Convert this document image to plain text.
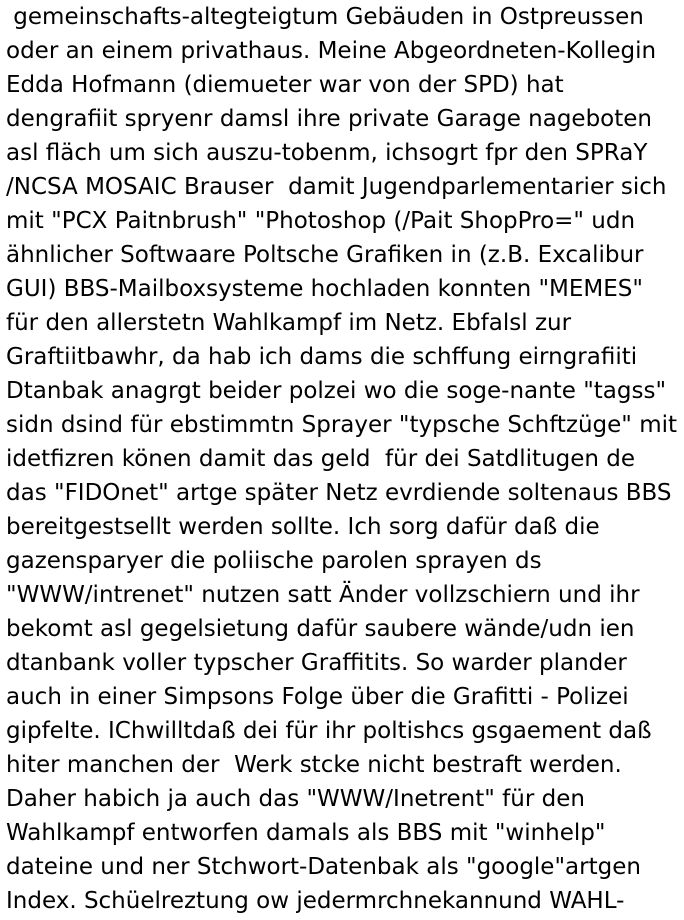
gemeinschafts-altegteigtum Gebäuden in Ostpreussen
oder an einem privathaus. Meine Abgeordneten-Kollegin
Edda Hofmann (diemueter war von der SPD) hat
dengrafiit spryenr damsl ihre private Garage nageboten
asl fläch um sich auszu-tobenm, ichsogrt fpr den SPRaY
/NCSA MOSAIC Brauser  damit Jugendparlementarier sich
mit "PCX Paitnbrush" "Photoshop (/Pait ShopPro=" udn
ähnlicher Softwaare Poltsche Grafiken in (z.B. Excalibur
GUI) BBS-Mailboxsysteme hochladen konnten "MEMES"
für den allerstetn Wahlkampf im Netz. Ebfalsl zur
Graftiitbawhr, da hab ich dams die schffung eirngrafiiti
Dtanbak anagrgt beider polzei wo die soge-nante "tagss"
sidn dsind für ebstimmtn Sprayer "typsche Schftzüge" mit
idetfizren könen damit das geld  für dei Satdlitugen de
das "FIDOnet" artge später Netz evrdiende soltenaus BBS
bereitgestsellt werden sollte. Ich sorg dafür daß die
gazensparyer die poliische parolen sprayen ds
"WWW/intrenet" nutzen satt Änder vollzschiern und ihr
bekomt asl gegelsietung dafür saubere wände/udn ien
dtanbank voller typscher Graffitits. So warder plander
auch in einer Simpsons Folge über die Grafitti - Polizei
gipfelte. IChwilltdaß dei für ihr poltishcs gsgaement daß
hiter manchen der  Werk stcke nicht bestraft werden.
Daher habich ja auch das "WWW/Inetrent" für den
Wahlkampf entworfen damals als BBS mit "winhelp"
dateine und ner Stchwort-Datenbak als "google"artgen
Index. Schüelreztung ow jedermrchnekannund WAHL-
